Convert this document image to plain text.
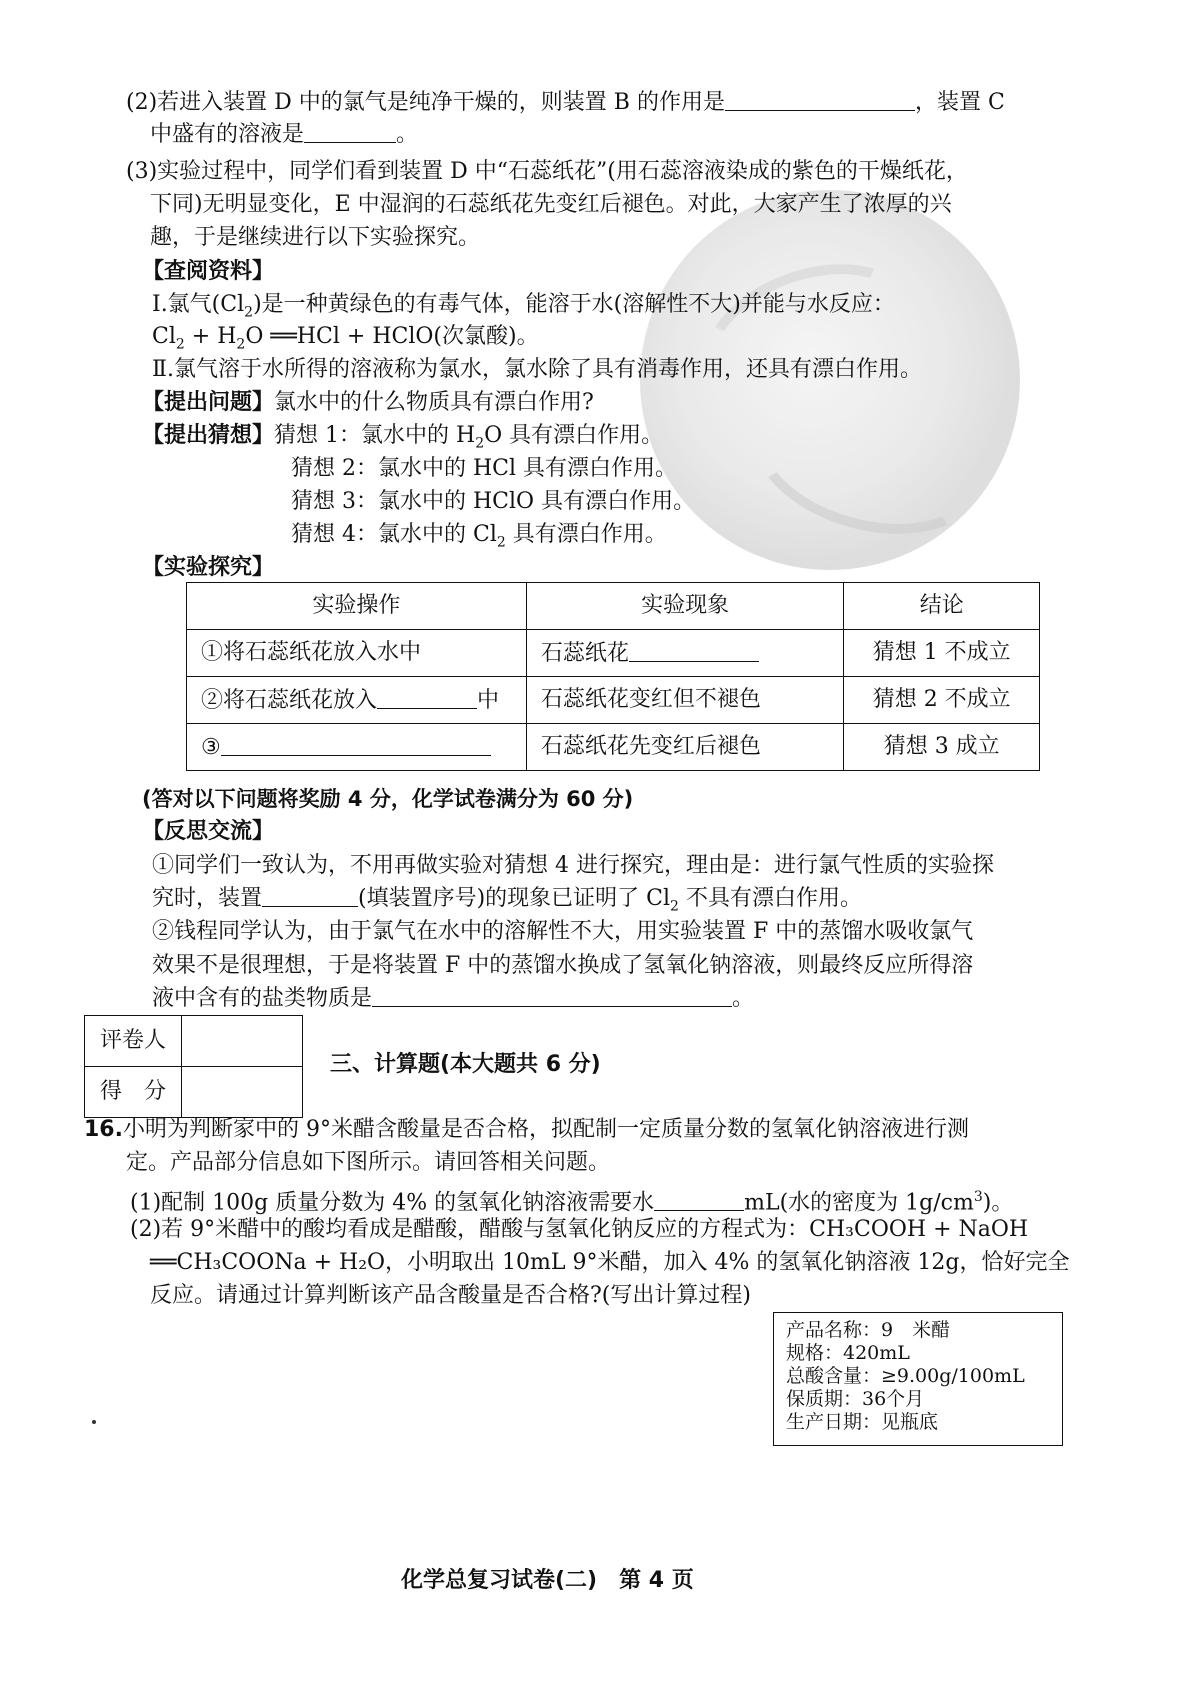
(2)若进入装置 D 中的氯气是纯净干燥的，则装置 B 的作用是	，装置 C
中盛有的溶液是	。
(3)实验过程中，同学们看到装置 D 中“石蕊纸花”(用石蕊溶液染成的紫色的干燥纸花，
下同)无明显变化，E 中湿润的石蕊纸花先变红后褪色。对此，大家产生了浓厚的兴
趣，于是继续进行以下实验探究。
【查阅资料】
Ⅰ.氯气$(Cl_2)$是一种黄绿色的有毒气体，能溶于水(溶解性不大)并能与水反应：
$Cl_2 + H_2O$ ══HCl + HClO(次氯酸)。
Ⅱ.氯气溶于水所得的溶液称为氯水，氯水除了具有消毒作用，还具有漂白作用。
【提出问题】氯水中的什么物质具有漂白作用?
【提出猜想】猜想 1：氯水中的 $H_2O$ 具有漂白作用。
猜想 2：氯水中的 HCl 具有漂白作用。
猜想 3：氯水中的 HClO 具有漂白作用。
猜想 4：氯水中的 $Cl_2$ 具有漂白作用。
【实验探究】
实验操作	实验现象	结论
①将石蕊纸花放入水中	石蕊纸花	猜想 1 不成立
②将石蕊纸花放入 中	石蕊纸花变红但不褪色	猜想 2 不成立
③	石蕊纸花先变红后褪色	猜想 3 成立
(答对以下问题将奖励 4 分，化学试卷满分为 60 分)
【反思交流】
①同学们一致认为，不用再做实验对猜想 4 进行探究，理由是：进行氯气性质的实验探
究时，装置	(填装置序号)的现象已证明了 $Cl_2$ 不具有漂白作用。
②钱程同学认为，由于氯气在水中的溶解性不大，用实验装置 F 中的蒸馏水吸收氯气
效果不是很理想，于是将装置 F 中的蒸馏水换成了氢氧化钠溶液，则最终反应所得溶
液中含有的盐类物质是	。
评卷人	
得　分	
三、计算题(本大题共 6 分)
16.小明为判断家中的 9°米醋含酸量是否合格，拟配制一定质量分数的氢氧化钠溶液进行测
定。产品部分信息如下图所示。请回答相关问题。
(1)配制 100g 质量分数为 4% 的氢氧化钠溶液需要水	mL(水的密度为 $1g/cm^3$)。
(2)若 9°米醋中的酸均看成是醋酸，醋酸与氢氧化钠反应的方程式为：CH₃COOH + NaOH
══CH₃COONa + H₂O，小明取出 10mL 9°米醋，加入 4% 的氢氧化钠溶液 12g，恰好完全
反应。请通过计算判断该产品含酸量是否合格?(写出计算过程)
产品名称：9　米醋
规格：420mL
总酸含量：≥9.00g/100mL
保质期：36个月
生产日期：见瓶底
化学总复习试卷(二)　第 4 页
